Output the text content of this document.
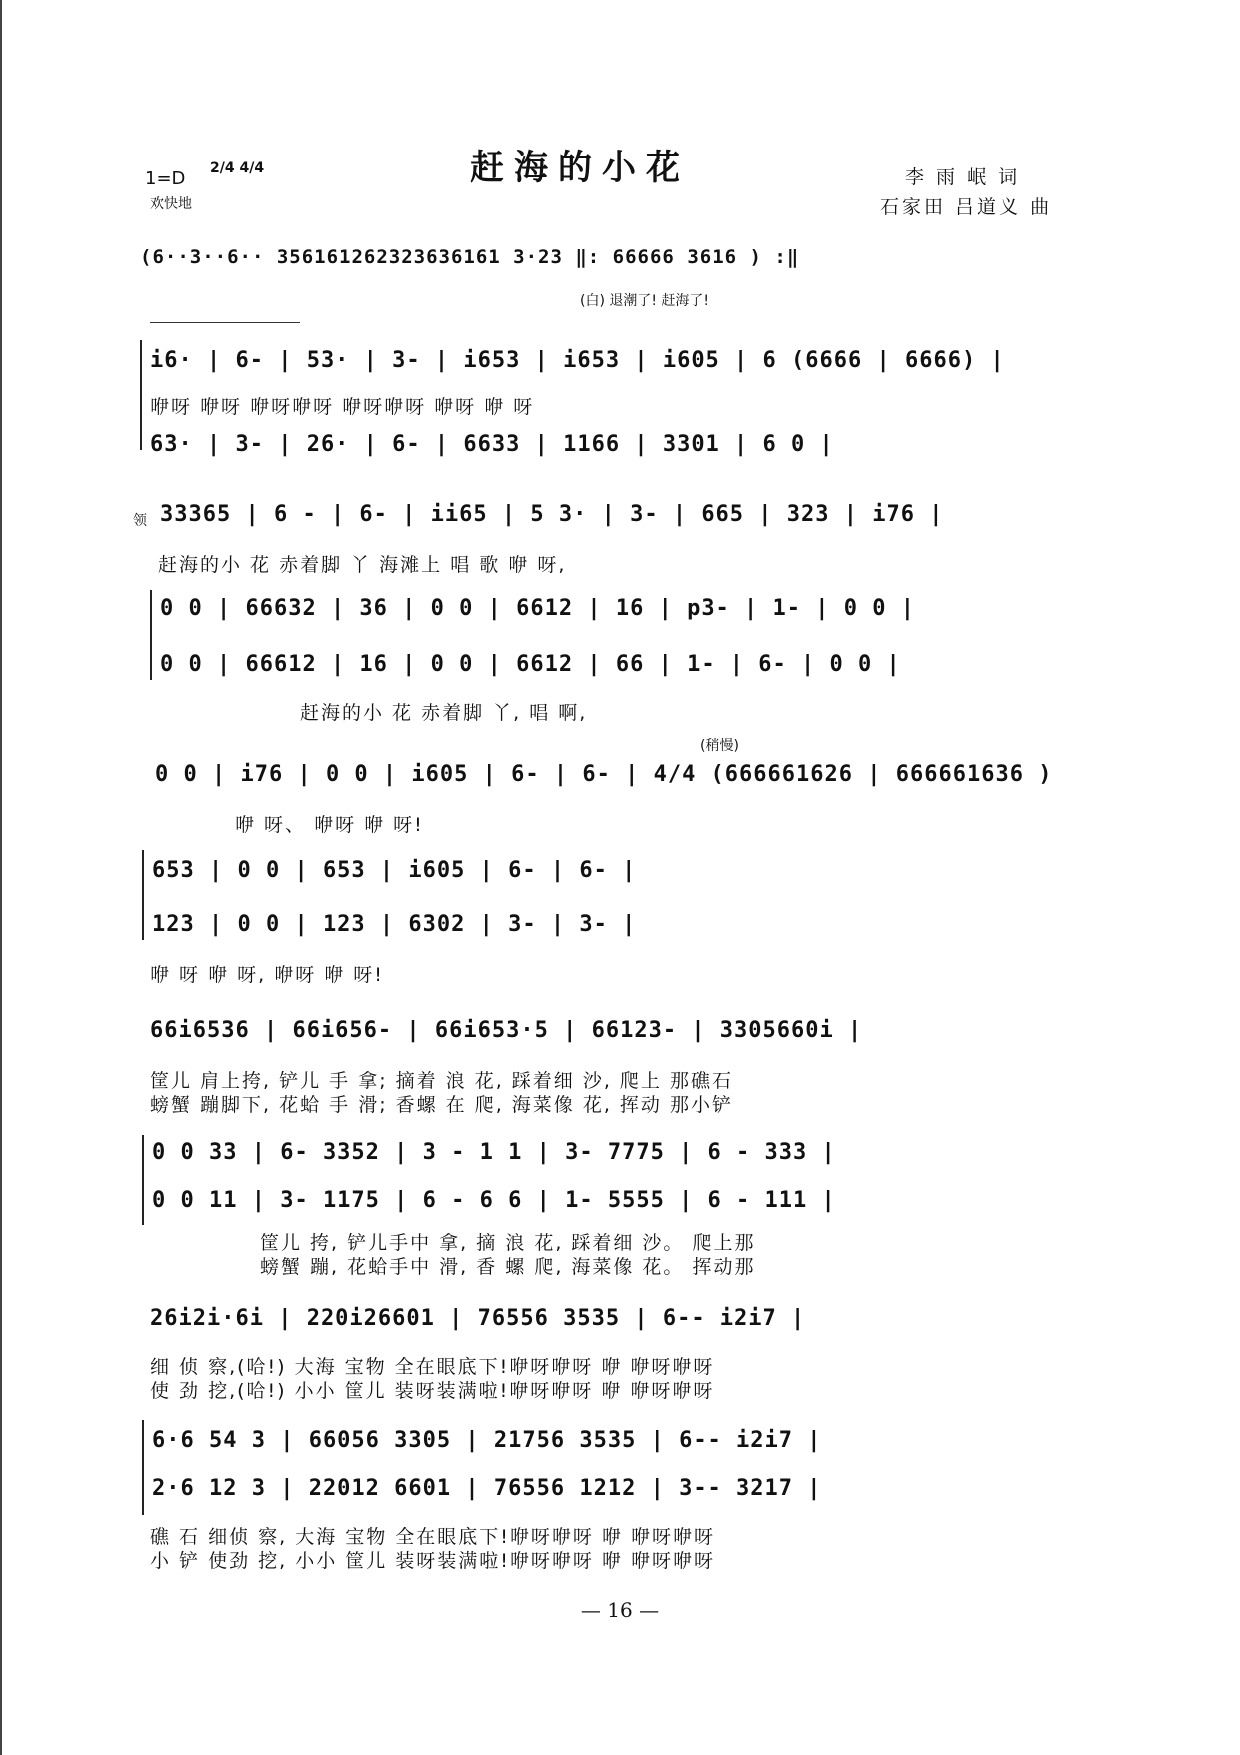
赶海的小花
1=D 2/4 4/4
欢快地
李 雨 岷 词
石家田 吕道义 曲
(6··3··6·· 356161262323636161 3·23 ‖: 66666 3616 ) :‖
(白) 退潮了! 赶海了!
i6· | 6- | 53· | 3- | i653 | i653 | i605 | 6 (6666 | 6666) |
咿呀 咿呀 咿呀咿呀 咿呀咿呀 咿呀 咿 呀
63· | 3- | 26· | 6- | 6633 | 1166 | 3301 | 6 0 |
领 33365 | 6 - | 6- | ii65 | 5 3· | 3- | 665 | 323 | i76 |
赶海的小 花 赤着脚 丫 海滩上 唱 歌 咿 呀,
0 0 | 66632 | 36 | 0 0 | 6612 | 16 | p3- | 1- | 0 0 |
0 0 | 66612 | 16 | 0 0 | 6612 | 66 | 1- | 6- | 0 0 |
赶海的小 花 赤着脚 丫, 唱 啊,
(稍慢)
0 0 | i76 | 0 0 | i605 | 6- | 6- | 4/4 (666661626 | 666661636 )
咿 呀、 咿呀 咿 呀!
653 | 0 0 | 653 | i605 | 6- | 6- |
123 | 0 0 | 123 | 6302 | 3- | 3- |
咿 呀 咿 呀, 咿呀 咿 呀!
66i6536 | 66i656- | 66i653·5 | 66123- | 3305660i |
筐儿 肩上挎, 铲儿 手 拿; 摘着 浪 花, 踩着细 沙, 爬上 那礁石
螃蟹 蹦脚下, 花蛤 手 滑; 香螺 在 爬, 海菜像 花, 挥动 那小铲
0 0 33 | 6- 3352 | 3 - 1 1 | 3- 7775 | 6 - 333 |
0 0 11 | 3- 1175 | 6 - 6 6 | 1- 5555 | 6 - 111 |
筐儿 挎, 铲儿手中 拿, 摘 浪 花, 踩着细 沙。 爬上那
螃蟹 蹦, 花蛤手中 滑, 香 螺 爬, 海菜像 花。 挥动那
26i2i·6i | 220i26601 | 76556 3535 | 6-- i2i7 |
细 侦 察,(哈!) 大海 宝物 全在眼底下!咿呀咿呀 咿 咿呀咿呀
使 劲 挖,(哈!) 小小 筐儿 装呀装满啦!咿呀咿呀 咿 咿呀咿呀
6·6 54 3 | 66056 3305 | 21756 3535 | 6-- i2i7 |
2·6 12 3 | 22012 6601 | 76556 1212 | 3-- 3217 |
礁 石 细侦 察, 大海 宝物 全在眼底下!咿呀咿呀 咿 咿呀咿呀
小 铲 使劲 挖, 小小 筐儿 装呀装满啦!咿呀咿呀 咿 咿呀咿呀
— 16 —
